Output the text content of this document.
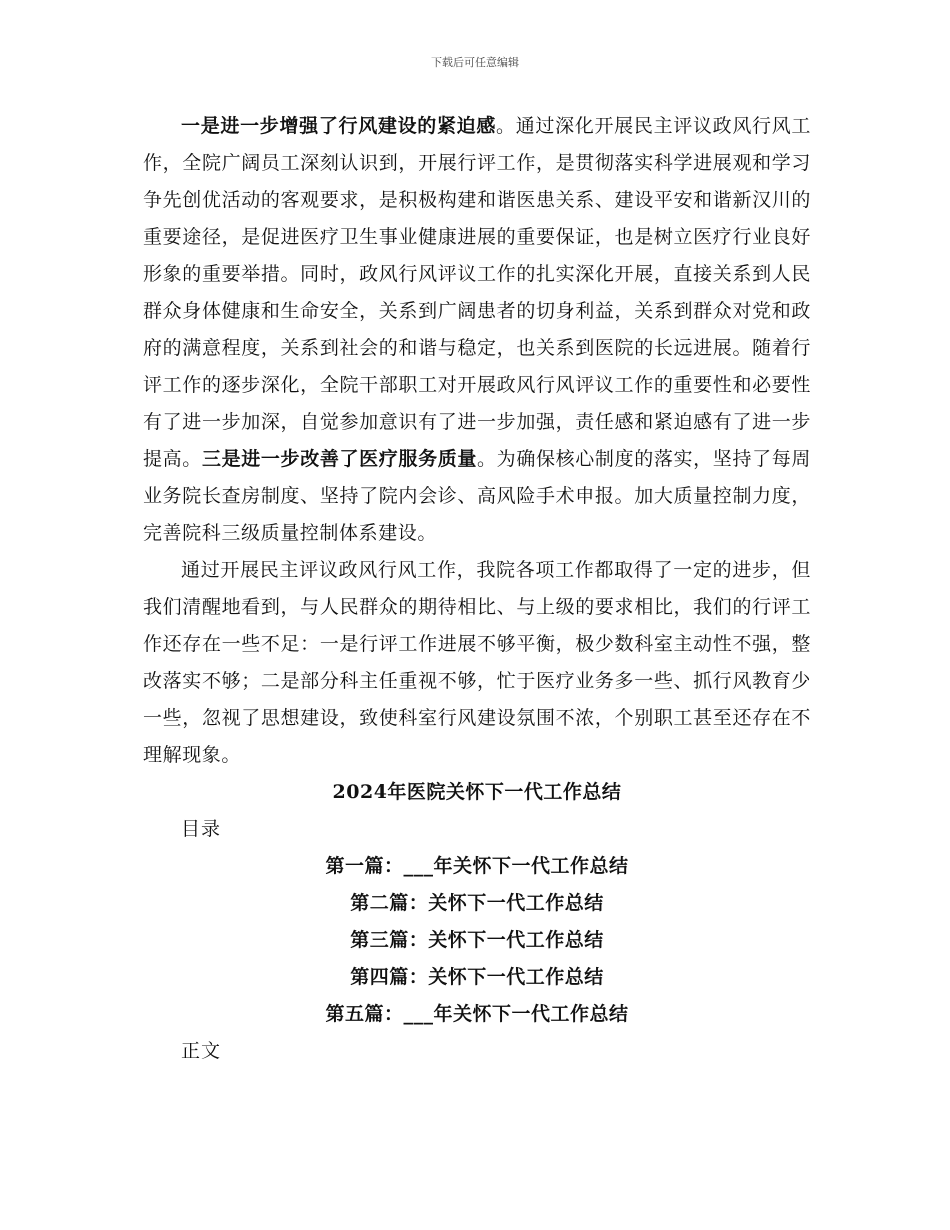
下载后可任意编辑

一是进一步增强了行风建设的紧迫感。通过深化开展民主评议政风行风工作，全院广阔员工深刻认识到，开展行评工作，是贯彻落实科学进展观和学习争先创优活动的客观要求，是积极构建和谐医患关系、建设平安和谐新汉川的重要途径，是促进医疗卫生事业健康进展的重要保证，也是树立医疗行业良好形象的重要举措。同时，政风行风评议工作的扎实深化开展，直接关系到人民群众身体健康和生命安全，关系到广阔患者的切身利益，关系到群众对党和政府的满意程度，关系到社会的和谐与稳定，也关系到医院的长远进展。随着行评工作的逐步深化，全院干部职工对开展政风行风评议工作的重要性和必要性有了进一步加深，自觉参加意识有了进一步加强，责任感和紧迫感有了进一步提高。三是进一步改善了医疗服务质量。为确保核心制度的落实，坚持了每周业务院长查房制度、坚持了院内会诊、高风险手术申报。加大质量控制力度，完善院科三级质量控制体系建设。

通过开展民主评议政风行风工作，我院各项工作都取得了一定的进步，但我们清醒地看到，与人民群众的期待相比、与上级的要求相比，我们的行评工作还存在一些不足：一是行评工作进展不够平衡，极少数科室主动性不强，整改落实不够；二是部分科主任重视不够，忙于医疗业务多一些、抓行风教育少一些，忽视了思想建设，致使科室行风建设氛围不浓，个别职工甚至还存在不理解现象。

2024年医院关怀下一代工作总结
目录
第一篇：___年关怀下一代工作总结
第二篇：关怀下一代工作总结
第三篇：关怀下一代工作总结
第四篇：关怀下一代工作总结
第五篇：___年关怀下一代工作总结
正文
